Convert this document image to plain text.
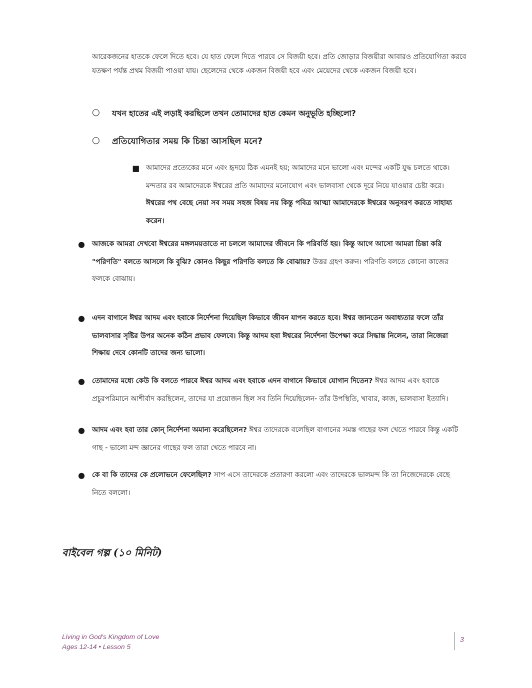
আরেকজনের হাতকে ফেলে দিতে হবে। যে হাত ফেলে দিতে পারবে সে বিজয়ী হবে। প্রতি জোড়ার বিজয়ীরা আবারও প্রতিযোগিতা করবে যতক্ষণ পর্যন্ত প্রথম বিজয়ী পাওয়া যায়। ছেলেদের থেকে একজন বিজয়ী হবে এবং মেয়েদের থেকে একজন বিজয়ী হবে।

○ যখন হাতের এই লড়াই করছিলে তখন তোমাদের হাত কেমন অনুভূতি হচ্ছিলো?
○ প্রতিযোগিতার সময় কি চিন্তা আসছিল মনে?
■ আমাদের প্রত্যেকের মনে এবং হৃদয়ে ঠিক এমনই হয়; আমাদের মনে ভালো এবং মন্দের একটি যুদ্ধ চলতে থাকে। মন্দতার রব আমাদেরকে ঈশ্বরের প্রতি আমাদের মনোযোগ এবং ভালবাসা থেকে দূরে নিয়ে যাওয়ার চেষ্টা করে। ঈশ্বরের পথ বেছে নেয়া সব সময় সহজ বিষয় নয় কিন্তু পবিত্র আত্মা আমাদেরকে ঈশ্বরের অনুসরণ করতে সাহায্য করেন।
● আজকে আমরা দেখবো ঈশ্বরের মঙ্গলময়তাতে না চললে আমাদের জীবনে কি পরিবর্তি হয়। কিন্তু আগে আসো আমরা চিন্তা করি "পরিণতি" বলতে আসলে কি বুঝি? কোনও কিছুর পরিণতি বলতে কি বোঝায়? উত্তর গ্রহণ করুন। পরিণতি বলতে কোনো কাজের ফলকে বোঝায়।
● এদন বাগানে ঈশ্বর আদম এবং হবাকে নির্দেশনা দিয়েছিল কিভাবে জীবন যাপন করতে হবে। ঈশ্বর জানতেন অবাধ্যতার ফলে তাঁর ভালবাসার সৃষ্টির উপর অনেক কঠিন প্রভাব ফেলবে। কিন্তু আদম হবা ঈশ্বরের নির্দেশনা উপেক্ষা করে সিদ্ধান্ত নিলেন, তারা নিজেরা শিক্ষায় দেবে কোনটি তাদের জন্য ভালো।
● তোমাদের মধ্যে কেউ কি বলতে পারবে ঈশ্বর আদম এবং হবাকে এদন বাগানে কিভাবে যোগান দিতেন? ঈশ্বর আদম এবং হবাকে প্রচুরপরিমানে আশীর্বাদ করছিলেন, তাদের যা প্রয়োজন ছিল সব তিনি দিয়েছিলেন- তাঁর উপস্থিতি, খাবার, কাজ, ভালবাসা ইত্যাদি।
● আদম এবং হবা তার কোন্ নির্দেশনা অমান্য করেছিলেন? ঈশ্বর তাদেরকে বলেছিল বাগানের সমস্ত গাছের ফল খেতে পারবে কিন্তু একটি গাছ - ভালো মন্দ জ্ঞানের গাছের ফল তারা খেতে পারবে না।
● কে বা কি তাদের কে প্রলোভনে ফেলেছিল? সাপ এসে তাদেরকে প্রতারণা করলো এবং তাদেরকে ভালমন্দ কি তা নিজেদেরকে বেছে নিতে বললো।
বাইবেল গল্প (১০ মিনিট)
Living in God's Kingdom of Love
Ages 12-14 • Lesson 5
3
